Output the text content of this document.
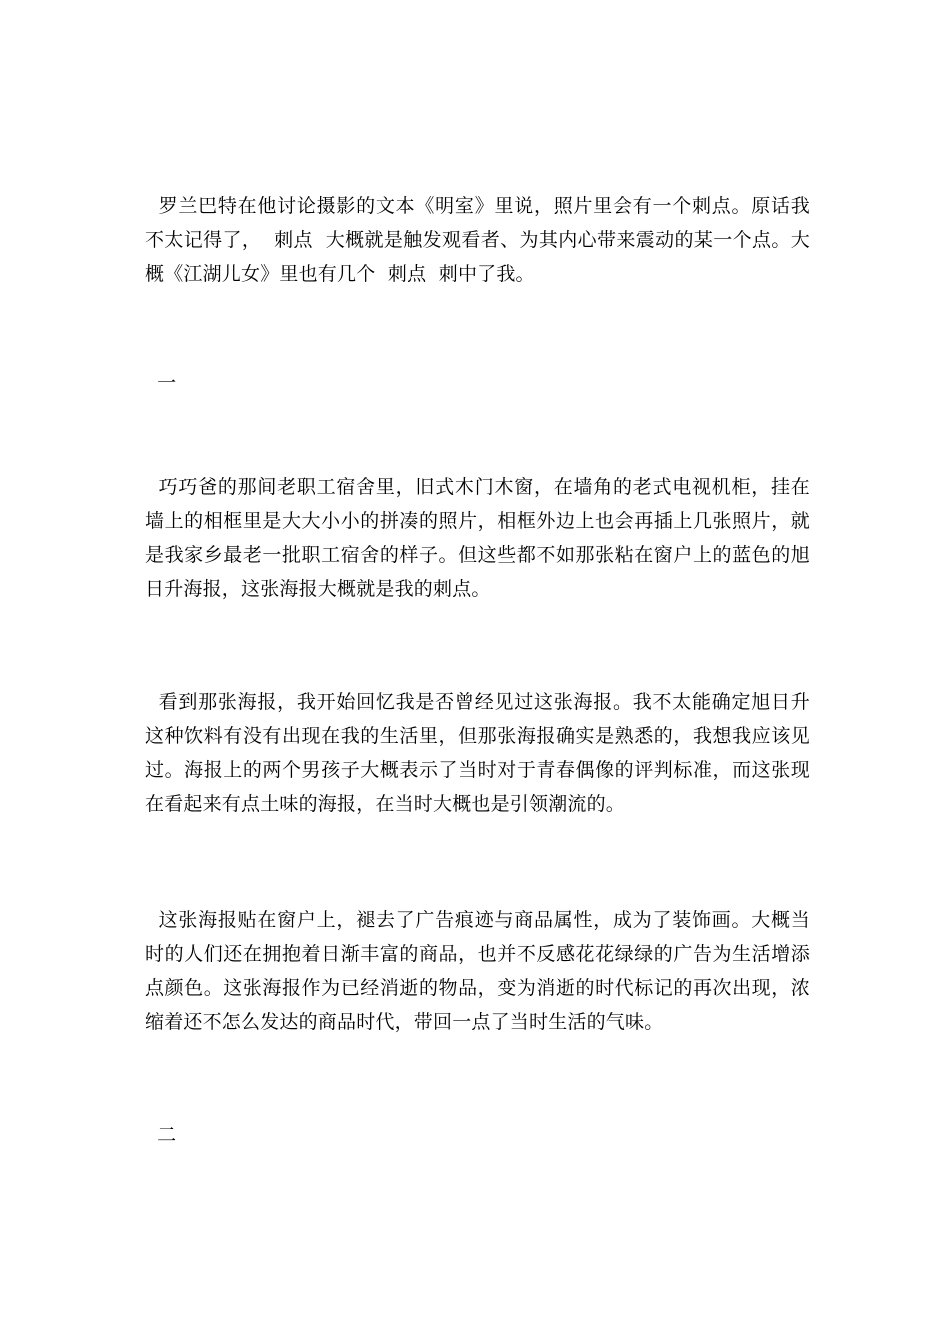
罗兰巴特在他讨论摄影的文本《明室》里说，照片里会有一个刺点。原话我不太记得了，  刺点  大概就是触发观看者、为其内心带来震动的某一个点。大概《江湖儿女》里也有几个  刺点  刺中了我。

一

巧巧爸的那间老职工宿舍里，旧式木门木窗，在墙角的老式电视机柜，挂在墙上的相框里是大大小小的拼凑的照片，相框外边上也会再插上几张照片，就是我家乡最老一批职工宿舍的样子。但这些都不如那张粘在窗户上的蓝色的旭日升海报，这张海报大概就是我的刺点。

看到那张海报，我开始回忆我是否曾经见过这张海报。我不太能确定旭日升这种饮料有没有出现在我的生活里，但那张海报确实是熟悉的，我想我应该见过。海报上的两个男孩子大概表示了当时对于青春偶像的评判标准，而这张现在看起来有点土味的海报，在当时大概也是引领潮流的。

这张海报贴在窗户上，褪去了广告痕迹与商品属性，成为了装饰画。大概当时的人们还在拥抱着日渐丰富的商品，也并不反感花花绿绿的广告为生活增添点颜色。这张海报作为已经消逝的物品，变为消逝的时代标记的再次出现，浓缩着还不怎么发达的商品时代，带回一点了当时生活的气味。

二
